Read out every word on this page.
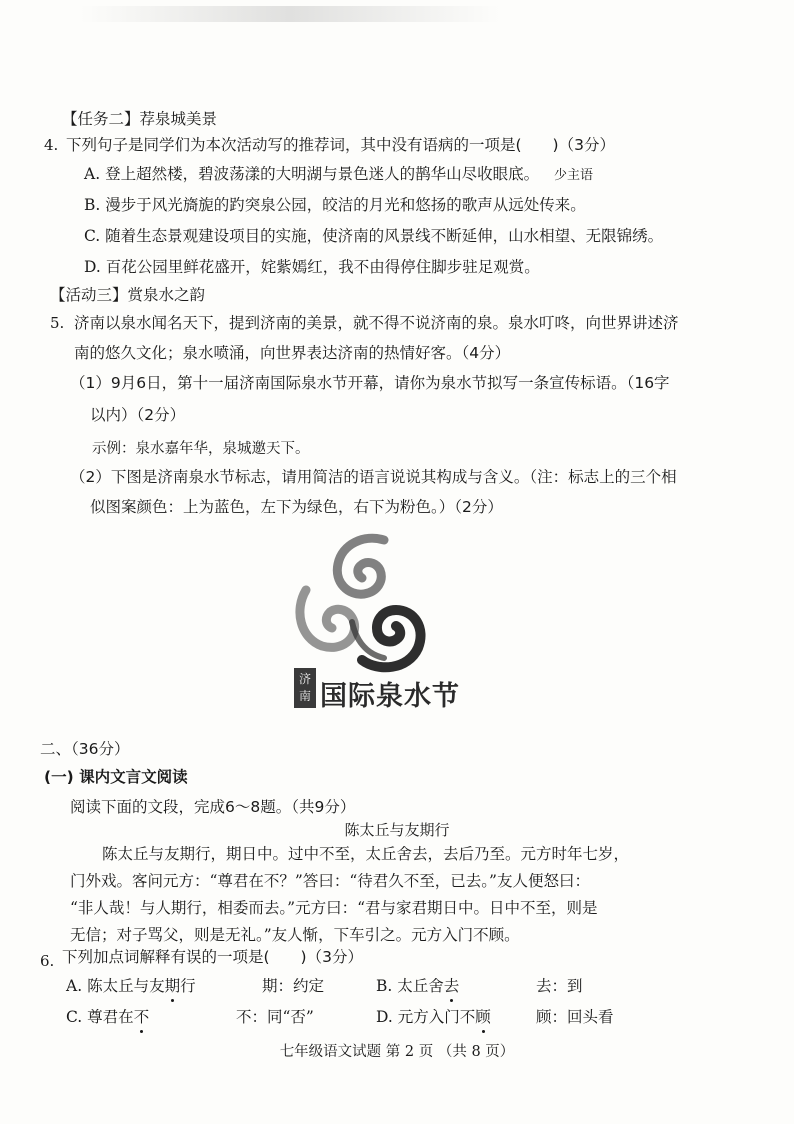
【任务二】荐泉城美景
4. 下列句子是同学们为本次活动写的推荐词，其中没有语病的一项是(　　)（3分）
A. 登上超然楼，碧波荡漾的大明湖与景色迷人的鹊华山尽收眼底。 少主语
B. 漫步于风光旖旎的趵突泉公园，皎洁的月光和悠扬的歌声从远处传来。
C. 随着生态景观建设项目的实施，使济南的风景线不断延伸，山水相望、无限锦绣。
D. 百花公园里鲜花盛开，姹紫嫣红，我不由得停住脚步驻足观赏。
【活动三】赏泉水之韵
5. 济南以泉水闻名天下，提到济南的美景，就不得不说济南的泉。泉水叮咚，向世界讲述济
南的悠久文化；泉水喷涌，向世界表达济南的热情好客。（4分）
（1）9月6日，第十一届济南国际泉水节开幕，请你为泉水节拟写一条宣传标语。（16字
以内）（2分）
示例：泉水嘉年华，泉城邀天下。
（2）下图是济南泉水节标志，请用简洁的语言说说其构成与含义。（注：标志上的三个相
似图案颜色：上为蓝色，左下为绿色，右下为粉色。）（2分）
济南 国际泉水节
二、（36分）
(一) 课内文言文阅读
阅读下面的文段，完成6～8题。（共9分）
陈太丘与友期行
陈太丘与友期行，期日中。过中不至，太丘舍去，去后乃至。元方时年七岁，
门外戏。客问元方：“尊君在不？”答曰：“待君久不至，已去。”友人便怒曰：
“非人哉！与人期行，相委而去。”元方曰：“君与家君期日中。日中不至，则是
无信；对子骂父，则是无礼。”友人惭，下车引之。元方入门不顾。
6. 下列加点词解释有误的一项是(　　)（3分）
A. 陈太丘与友期行	期：约定	B. 太丘舍去	去：到
C. 尊君在不	不：同“否”	D. 元方入门不顾	顾：回头看
七年级语文试题 第 2 页 （共 8 页）
